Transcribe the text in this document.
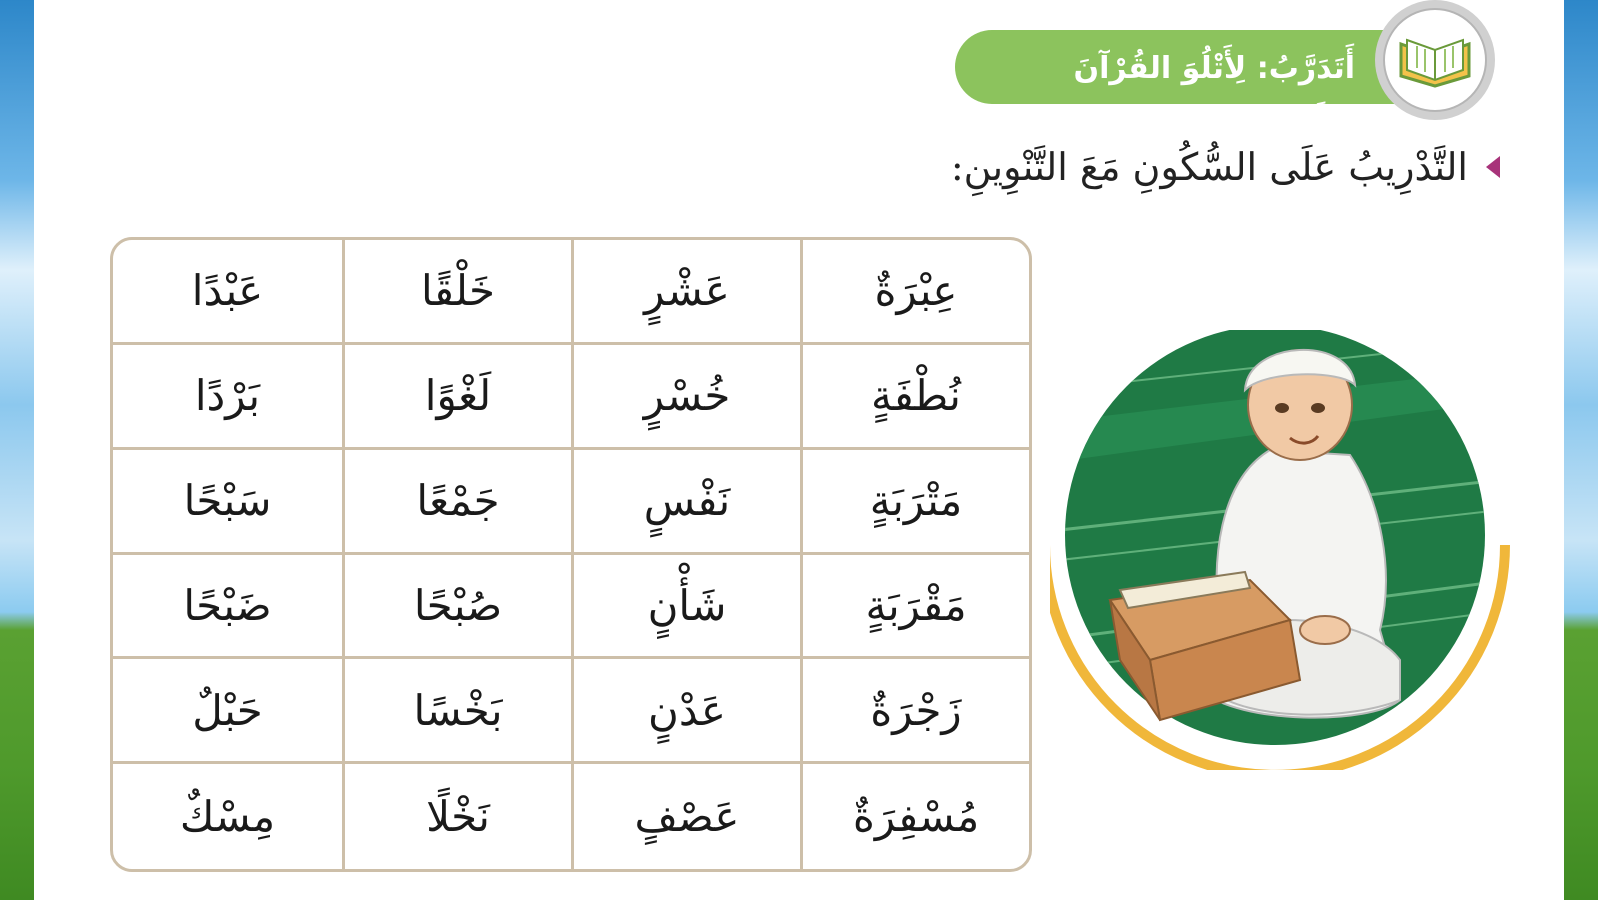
أَتَدَرَّبُ: لِأَتْلُوَ القُرْآنَ الكَرِيمَ:
التَّدْرِيبُ عَلَى السُّكُونِ مَعَ التَّنْوِينِ:
عِبْرَةٌ
عَشْرٍ
خَلْقًا
عَبْدًا
نُطْفَةٍ
خُسْرٍ
لَغْوًا
بَرْدًا
مَتْرَبَةٍ
نَفْسٍ
جَمْعًا
سَبْحًا
مَقْرَبَةٍ
شَأْنٍ
صُبْحًا
ضَبْحًا
زَجْرَةٌ
عَدْنٍ
بَخْسًا
حَبْلٌ
مُسْفِرَةٌ
عَصْفٍ
نَخْلًا
مِسْكٌ
